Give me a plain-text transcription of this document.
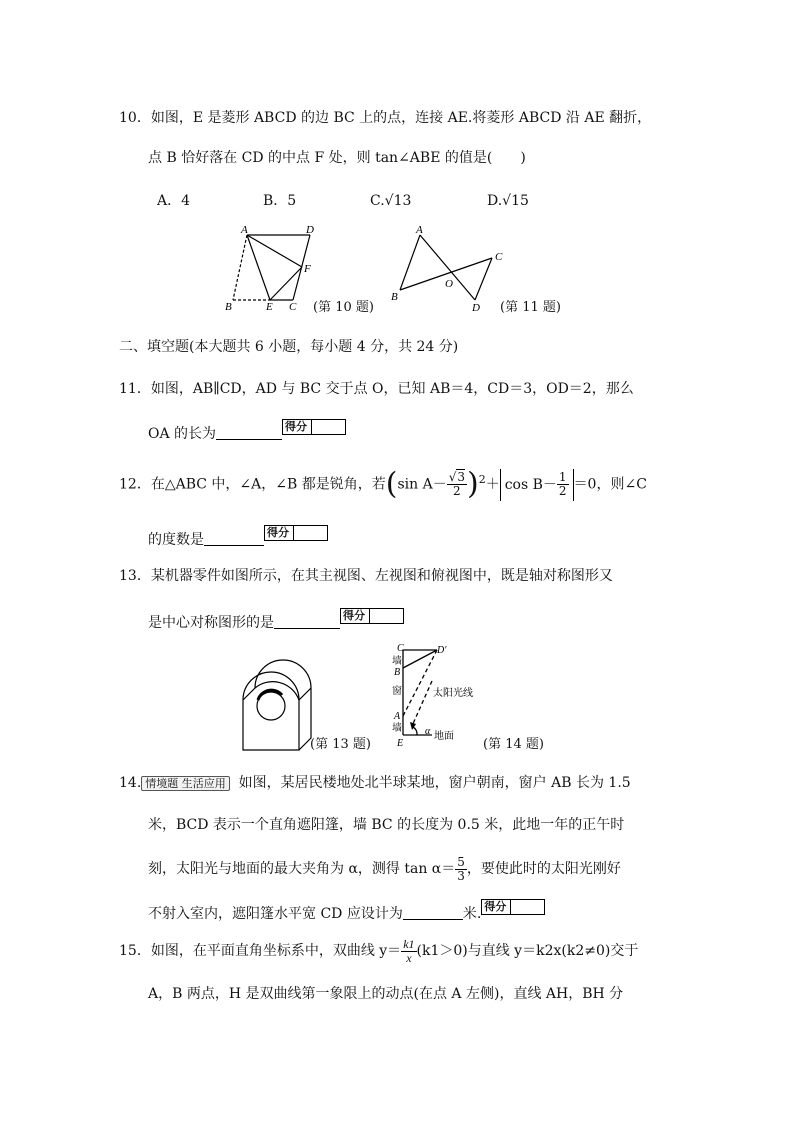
10．如图，E 是菱形 ABCD 的边 BC 上的点，连接 AE.将菱形 ABCD 沿 AE 翻折，
点 B 恰好落在 CD 的中点 F 处，则 tan∠ABE 的值是(　　)
A．4	B．5	C.√13	D.√15
A	D
F
B	E C
A
C
O
B
D
(第 10 题)	(第 11 题)
二、填空题(本大题共 6 小题，每小题 4 分，共 24 分)
11．如图，AB∥CD，AD 与 BC 交于点 O，已知 AB＝4，CD＝3，OD＝2，那么
OA 的长为	得分
12．在△ABC 中，∠A，∠B 都是锐角，若(sin $A- \frac{√3}{2} )^2+ \cos B- \frac{1}{2} =0$，则∠C
的度数是	得分
13．某机器零件如图所示，在其主视图、左视图和俯视图中，既是轴对称图形又
是中心对称图形的是	得分
C	D′
B
A
E
墙
窗
墙
太阳光线
地面
α
(第 13 题)	(第 14 题)
14. 情境题 生活应用 如图，某居民楼地处北半球某地，窗户朝南，窗户 AB 长为 1.5
米，BCD 表示一个直角遮阳篷，墙 BC 的长度为 0.5 米，此地一年的正午时
刻，太阳光与地面的最大夹角为 α，测得 $\tan \alpha= \frac{5}{3}$ ，要使此时的太阳光刚好
不射入室内，遮阳篷水平宽 CD 应设计为	米. 得分
15．如图，在平面直角坐标系中，双曲线 $y= \frac{k1}{x} (k1>0)$与直线 y＝k2x(k2≠0)交于
A，B 两点，H 是双曲线第一象限上的动点(在点 A 左侧)，直线 AH，BH 分
